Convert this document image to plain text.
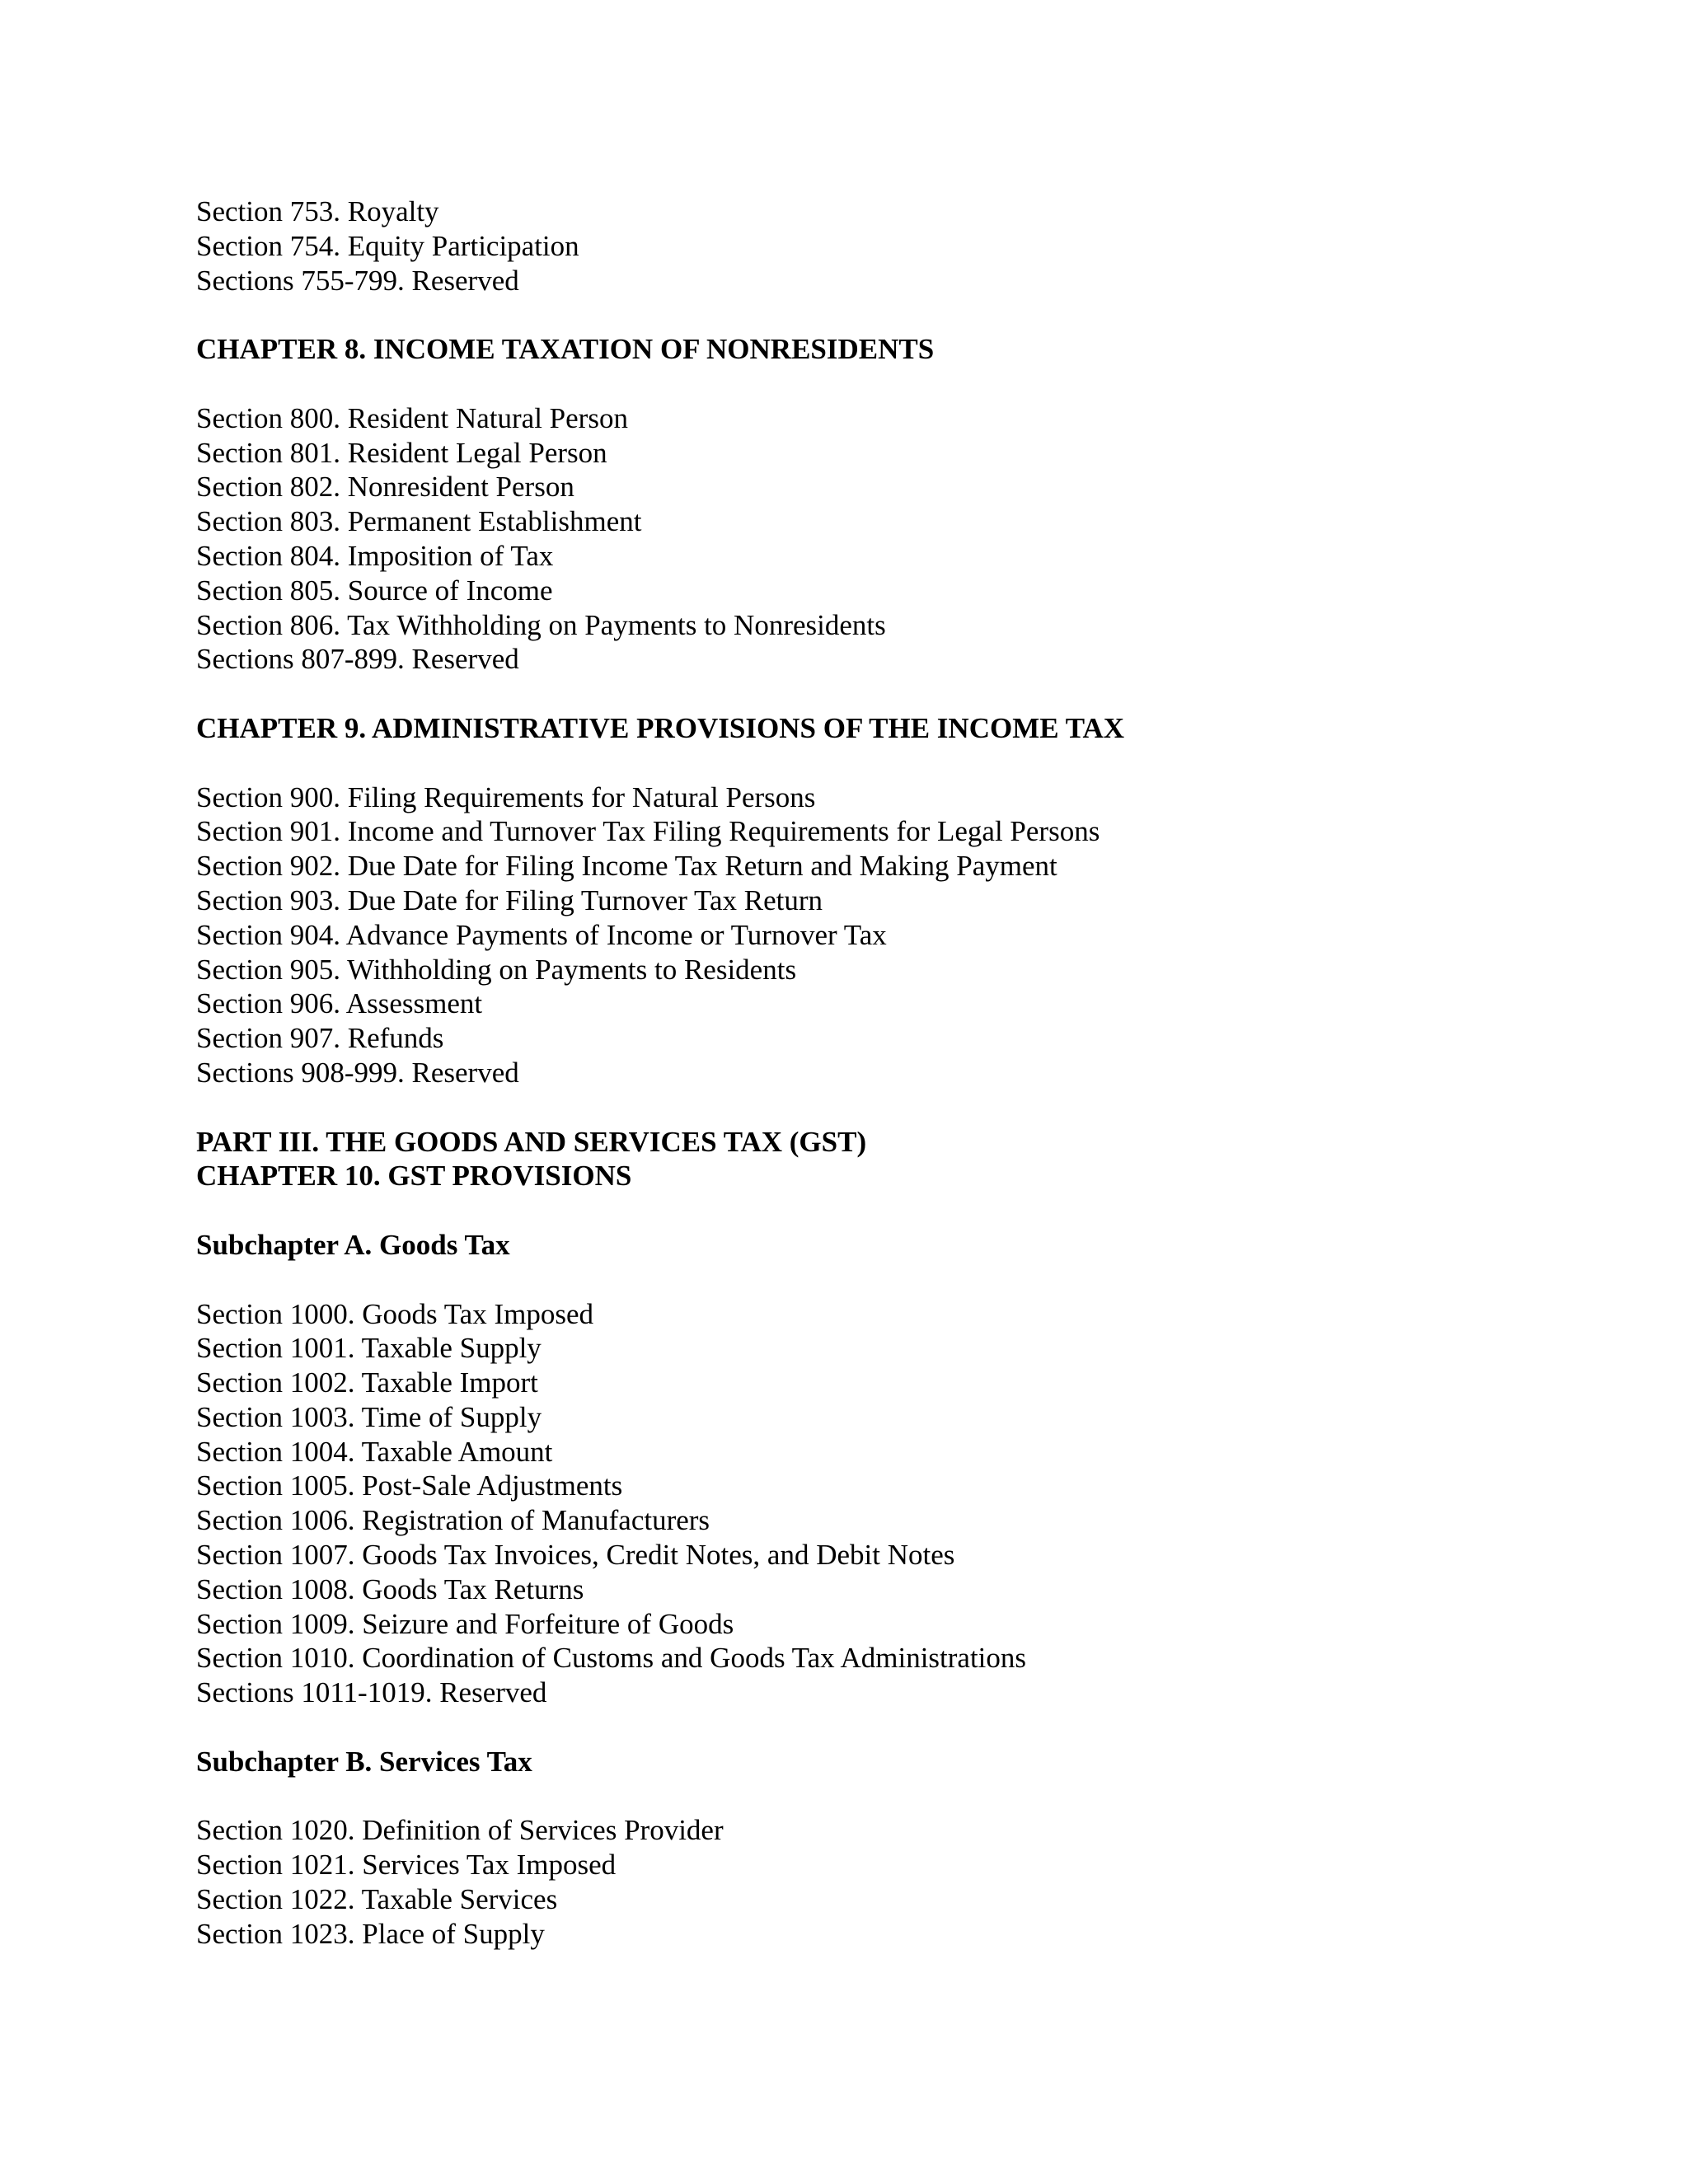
Section 753. Royalty
Section 754. Equity Participation
Sections 755-799. Reserved
CHAPTER 8. INCOME TAXATION OF NONRESIDENTS
Section 800. Resident Natural Person
Section 801. Resident Legal Person
Section 802. Nonresident Person
Section 803. Permanent Establishment
Section 804. Imposition of Tax
Section 805. Source of Income
Section 806. Tax Withholding on Payments to Nonresidents
Sections 807-899. Reserved
CHAPTER 9. ADMINISTRATIVE PROVISIONS OF THE INCOME TAX
Section 900. Filing Requirements for Natural Persons
Section 901. Income and Turnover Tax Filing Requirements for Legal Persons
Section 902. Due Date for Filing Income Tax Return and Making Payment
Section 903. Due Date for Filing Turnover Tax Return
Section 904. Advance Payments of Income or Turnover Tax
Section 905. Withholding on Payments to Residents
Section 906. Assessment
Section 907. Refunds
Sections 908-999. Reserved
PART III. THE GOODS AND SERVICES TAX (GST)
CHAPTER 10. GST PROVISIONS
Subchapter A. Goods Tax
Section 1000. Goods Tax Imposed
Section 1001. Taxable Supply
Section 1002. Taxable Import
Section 1003. Time of Supply
Section 1004. Taxable Amount
Section 1005. Post-Sale Adjustments
Section 1006. Registration of Manufacturers
Section 1007. Goods Tax Invoices, Credit Notes, and Debit Notes
Section 1008. Goods Tax Returns
Section 1009. Seizure and Forfeiture of Goods
Section 1010. Coordination of Customs and Goods Tax Administrations
Sections 1011-1019. Reserved
Subchapter B. Services Tax
Section 1020. Definition of Services Provider
Section 1021. Services Tax Imposed
Section 1022. Taxable Services
Section 1023. Place of Supply
